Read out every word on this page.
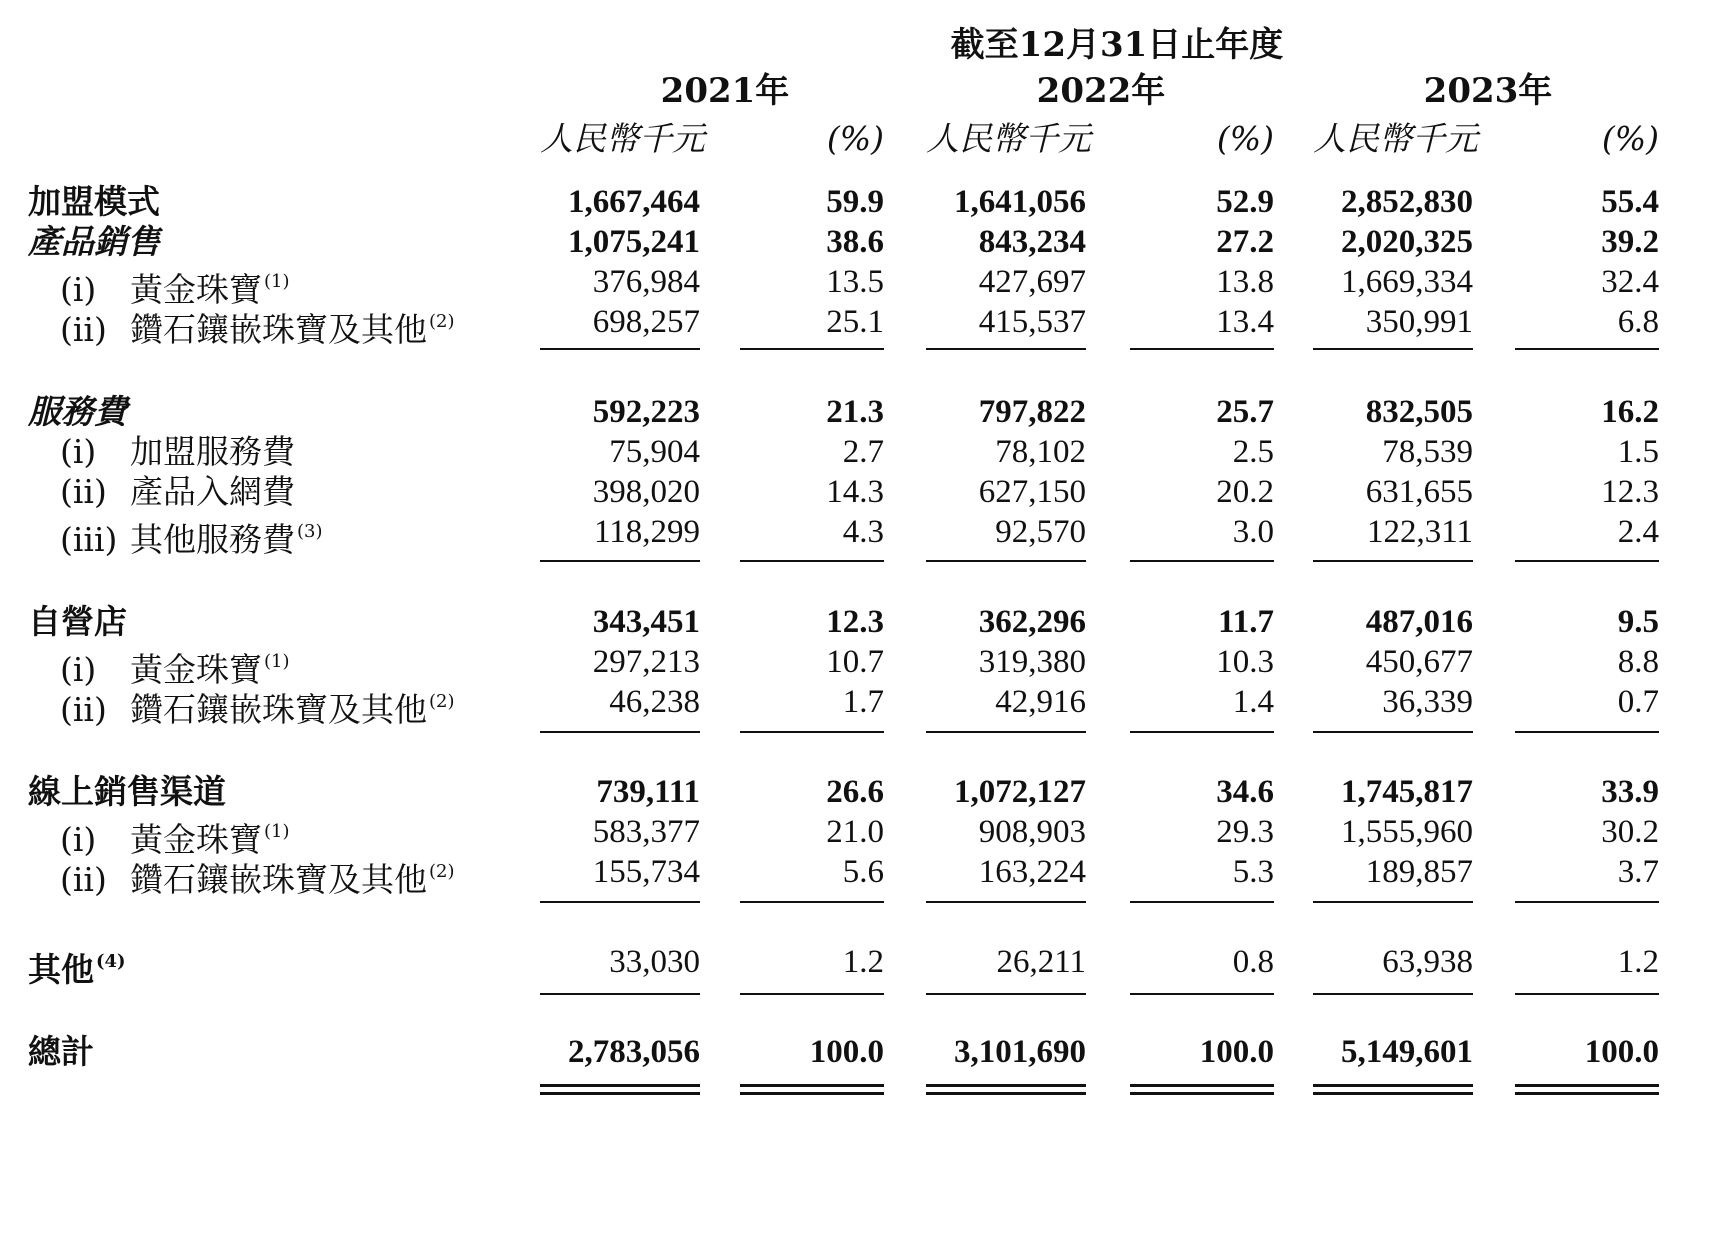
截至12月31日止年度
2021年	2022年	2023年
人民幣千元	(%) 人民幣千元	(%) 人民幣千元	(%)
加盟模式	1,667,464	59.9	1,641,056	52.9	2,852,830	55.4
產品銷售	1,075,241	38.6	843,234	27.2	2,020,325	39.2
(i) 黃金珠寶 $^{(1)}$	376,984	13.5	427,697	13.8	1,669,334	32.4
(ii) 鑽石鑲嵌珠寶及其他 $^{(2)}$	698,257	25.1	415,537	13.4	350,991	6.8
服務費	592,223	21.3	797,822	25.7	832,505	16.2
(i) 加盟服務費	75,904	2.7	78,102	2.5	78,539	1.5
(ii) 產品入網費	398,020	14.3	627,150	20.2	631,655	12.3
(iii) 其他服務費 $^{(3)}$	118,299	4.3	92,570	3.0	122,311	2.4
自營店	343,451	12.3	362,296	11.7	487,016	9.5
(i) 黃金珠寶 $^{(1)}$	297,213	10.7	319,380	10.3	450,677	8.8
(ii) 鑽石鑲嵌珠寶及其他 $^{(2)}$	46,238	1.7	42,916	1.4	36,339	0.7
線上銷售渠道	739,111	26.6	1,072,127	34.6	1,745,817	33.9
(i) 黃金珠寶 $^{(1)}$	583,377	21.0	908,903	29.3	1,555,960	30.2
(ii) 鑽石鑲嵌珠寶及其他 $^{(2)}$	155,734	5.6	163,224	5.3	189,857	3.7
其他 $^{(4)}$	33,030	1.2	26,211	0.8	63,938	1.2
總計	2,783,056	100.0	3,101,690	100.0	5,149,601	100.0
